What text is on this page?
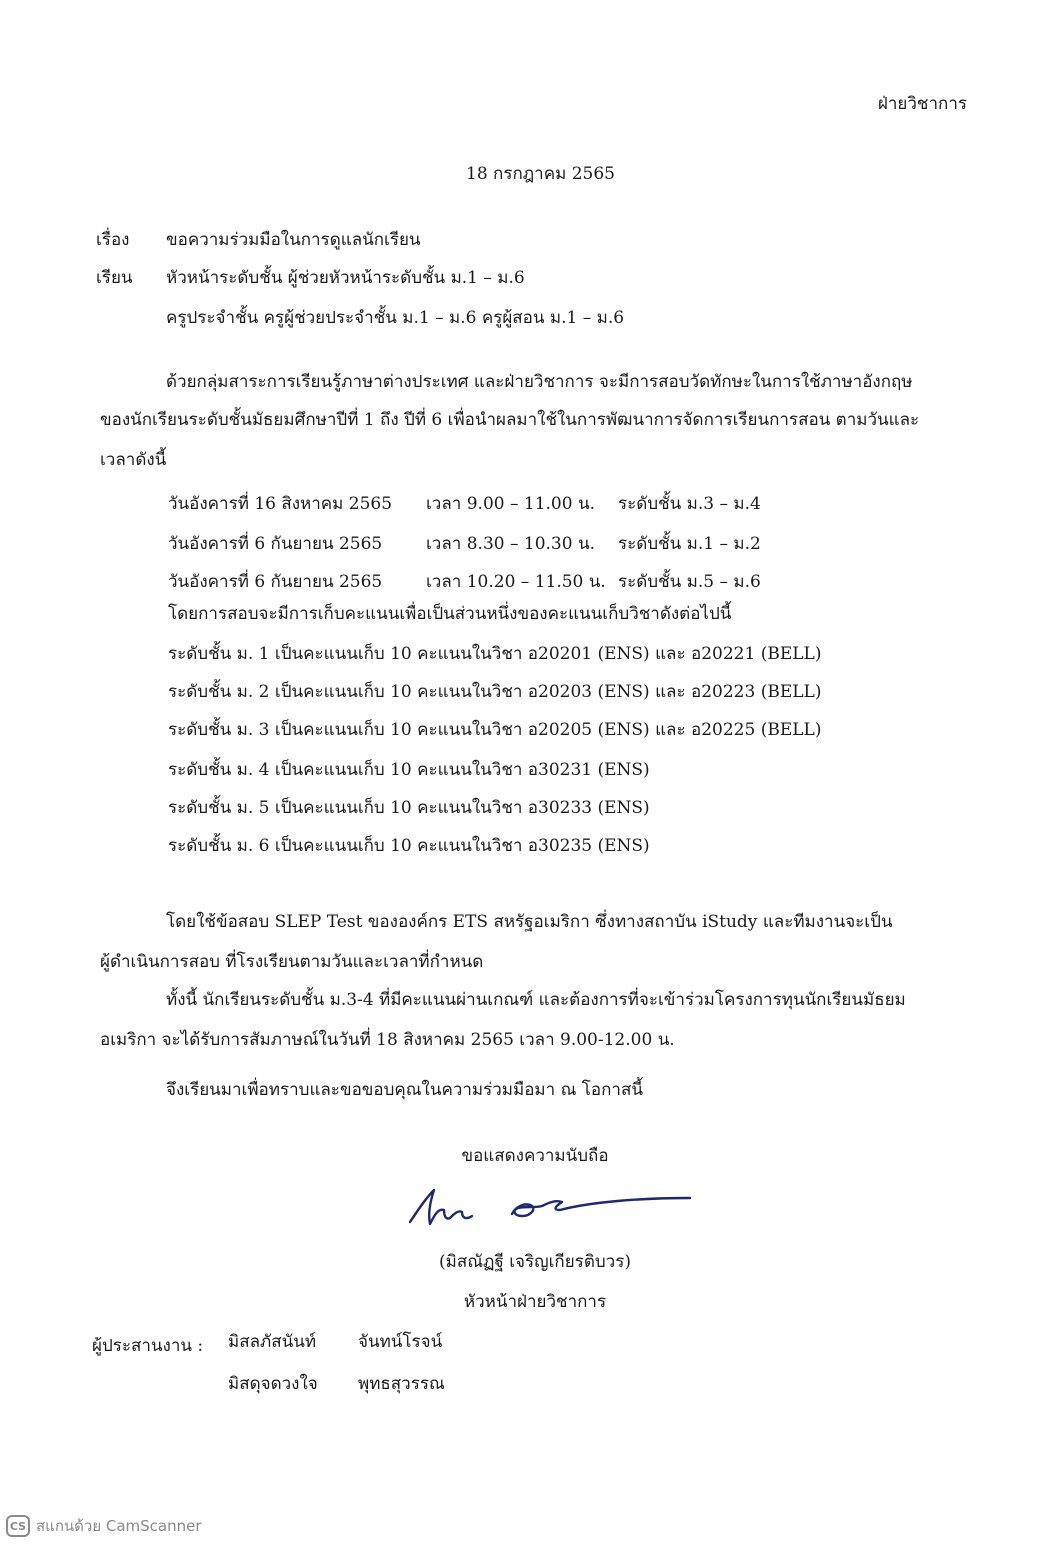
ฝ่ายวิชาการ
18 กรกฎาคม 2565
เรื่อง ขอความร่วมมือในการดูแลนักเรียน
เรียน หัวหน้าระดับชั้น ผู้ช่วยหัวหน้าระดับชั้น ม.1 – ม.6
ครูประจำชั้น ครูผู้ช่วยประจำชั้น ม.1 – ม.6 ครูผู้สอน ม.1 – ม.6
ด้วยกลุ่มสาระการเรียนรู้ภาษาต่างประเทศ และฝ่ายวิชาการ จะมีการสอบวัดทักษะในการใช้ภาษาอังกฤษ
ของนักเรียนระดับชั้นมัธยมศึกษาปีที่ 1 ถึง ปีที่ 6 เพื่อนำผลมาใช้ในการพัฒนาการจัดการเรียนการสอน ตามวันและ
เวลาดังนี้
วันอังคารที่ 16 สิงหาคม 2565 เวลา 9.00 – 11.00 น. ระดับชั้น ม.3 – ม.4
วันอังคารที่ 6 กันยายน 2565	เวลา 8.30 – 10.30 น. ระดับชั้น ม.1 – ม.2
วันอังคารที่ 6 กันยายน 2565	เวลา 10.20 – 11.50 น. ระดับชั้น ม.5 – ม.6
โดยการสอบจะมีการเก็บคะแนนเพื่อเป็นส่วนหนึ่งของคะแนนเก็บวิชาดังต่อไปนี้
ระดับชั้น ม. 1 เป็นคะแนนเก็บ 10 คะแนนในวิชา อ20201 (ENS) และ อ20221 (BELL)
ระดับชั้น ม. 2 เป็นคะแนนเก็บ 10 คะแนนในวิชา อ20203 (ENS) และ อ20223 (BELL)
ระดับชั้น ม. 3 เป็นคะแนนเก็บ 10 คะแนนในวิชา อ20205 (ENS) และ อ20225 (BELL)
ระดับชั้น ม. 4 เป็นคะแนนเก็บ 10 คะแนนในวิชา อ30231 (ENS)
ระดับชั้น ม. 5 เป็นคะแนนเก็บ 10 คะแนนในวิชา อ30233 (ENS)
ระดับชั้น ม. 6 เป็นคะแนนเก็บ 10 คะแนนในวิชา อ30235 (ENS)
โดยใช้ข้อสอบ SLEP Test ขององค์กร ETS สหรัฐอเมริกา ซึ่งทางสถาบัน iStudy และทีมงานจะเป็น
ผู้ดำเนินการสอบ ที่โรงเรียนตามวันและเวลาที่กำหนด
ทั้งนี้ นักเรียนระดับชั้น ม.3-4 ที่มีคะแนนผ่านเกณฑ์ และต้องการที่จะเข้าร่วมโครงการทุนนักเรียนมัธยม
อเมริกา จะได้รับการสัมภาษณ์ในวันที่ 18 สิงหาคม 2565 เวลา 9.00-12.00 น.
จึงเรียนมาเพื่อทราบและขอขอบคุณในความร่วมมือมา ณ โอกาสนี้
ขอแสดงความนับถือ
(มิสณัฏฐี เจริญเกียรติบวร)
หัวหน้าฝ่ายวิชาการ
ผู้ประสานงาน : มิสลภัสนันท์ จันทน์โรจน์
มิสดุจดวงใจ พุทธสุวรรณ
CS สแกนด้วย CamScanner
